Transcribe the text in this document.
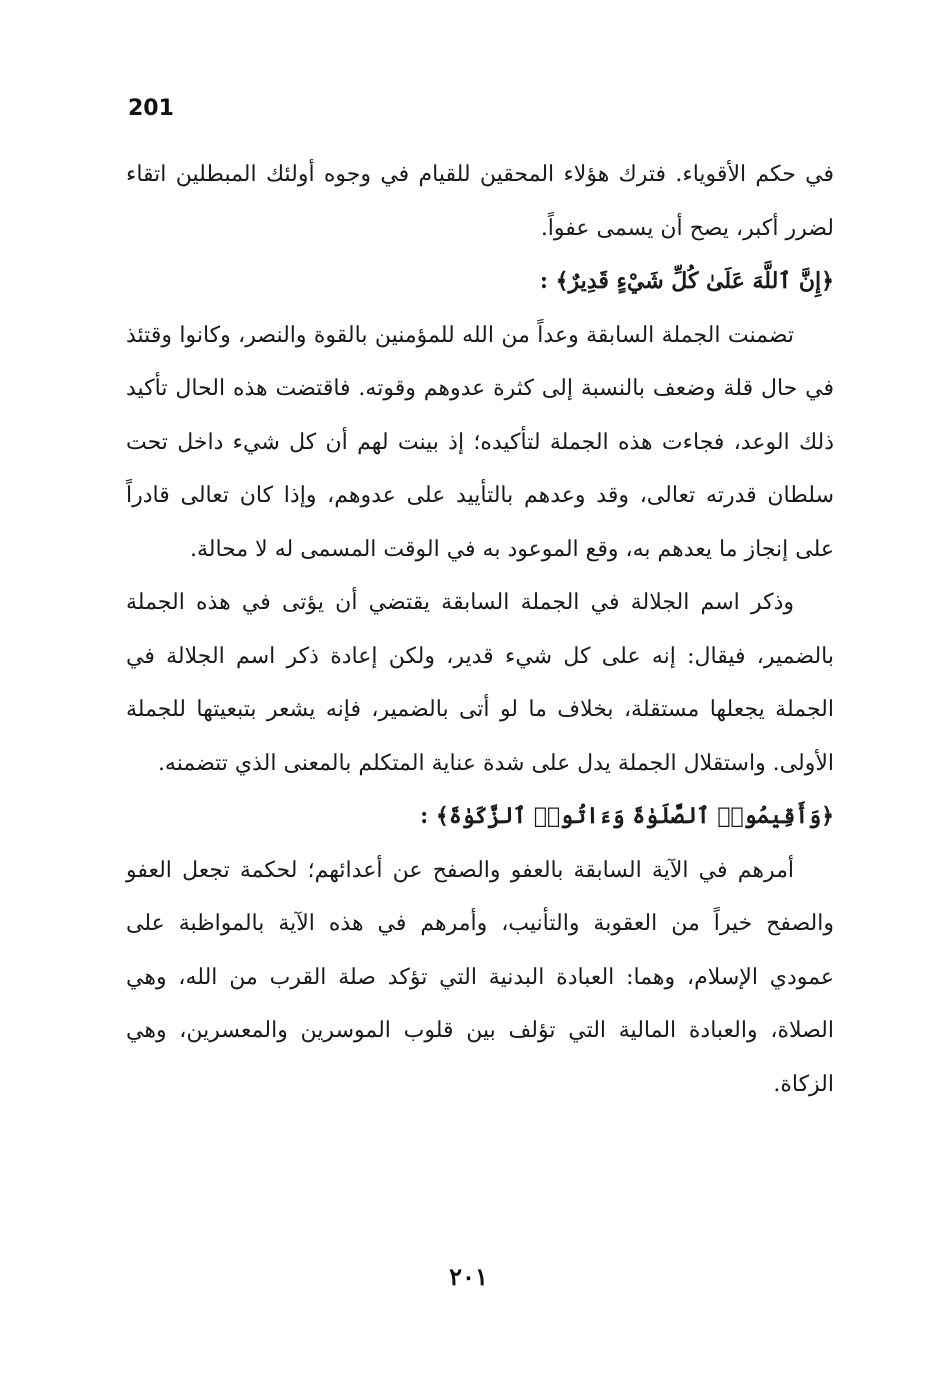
201

في حكم الأقوياء. فترك هؤلاء المحقين للقيام في وجوه أولئك المبطلين اتقاء لضرر أكبر، يصح أن يسمى عفواً.

﴿إِنَّ ٱللَّهَ عَلَىٰ كُلِّ شَيْءٍ قَدِيرٌ﴾ :

تضمنت الجملة السابقة وعداً من الله للمؤمنين بالقوة والنصر، وكانوا وقتئذ في حال قلة وضعف بالنسبة إلى كثرة عدوهم وقوته. فاقتضت هذه الحال تأكيد ذلك الوعد، فجاءت هذه الجملة لتأكيده؛ إذ بينت لهم أن كل شيء داخل تحت سلطان قدرته تعالى، وقد وعدهم بالتأييد على عدوهم، وإذا كان تعالى قادراً على إنجاز ما يعدهم به، وقع الموعود به في الوقت المسمى له لا محالة.

وذكر اسم الجلالة في الجملة السابقة يقتضي أن يؤتى في هذه الجملة بالضمير، فيقال: إنه على كل شيء قدير، ولكن إعادة ذكر اسم الجلالة في الجملة يجعلها مستقلة، بخلاف ما لو أتى بالضمير، فإنه يشعر بتبعيتها للجملة الأولى. واستقلال الجملة يدل على شدة عناية المتكلم بالمعنى الذي تتضمنه.

﴿وَأَقِيمُوا۟ ٱلصَّلَوٰةَ وَءَاتُوا۟ ٱلزَّكَوٰةَ﴾ :

أمرهم في الآية السابقة بالعفو والصفح عن أعدائهم؛ لحكمة تجعل العفو والصفح خيراً من العقوبة والتأنيب، وأمرهم في هذه الآية بالمواظبة على عمودي الإسلام، وهما: العبادة البدنية التي تؤكد صلة القرب من الله، وهي الصلاة، والعبادة المالية التي تؤلف بين قلوب الموسرين والمعسرين، وهي الزكاة.

٢٠١
